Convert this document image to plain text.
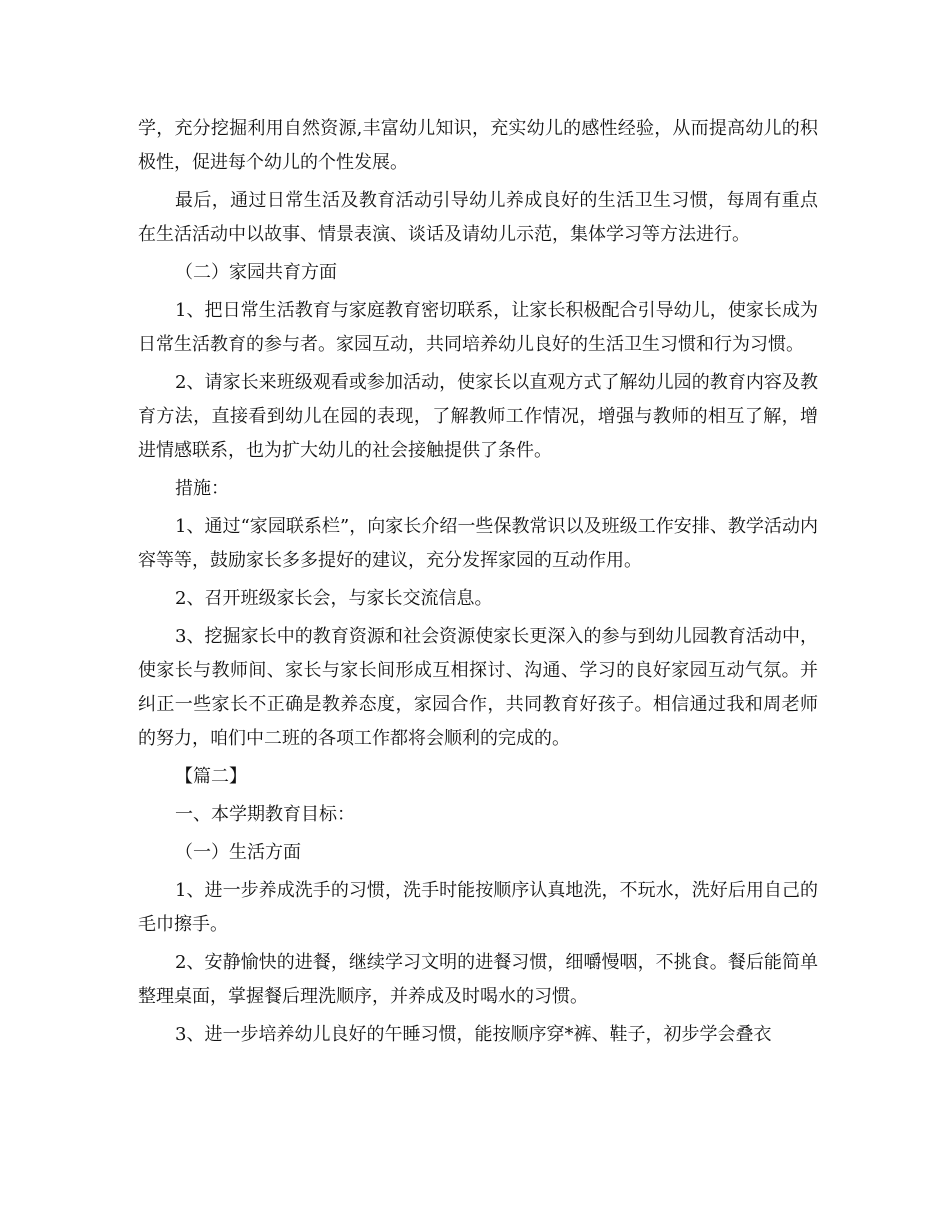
学，充分挖掘利用自然资源,丰富幼儿知识，充实幼儿的感性经验，从而提高幼儿的积极性，促进每个幼儿的个性发展。

最后，通过日常生活及教育活动引导幼儿养成良好的生活卫生习惯，每周有重点在生活活动中以故事、情景表演、谈话及请幼儿示范，集体学习等方法进行。

（二）家园共育方面

1、把日常生活教育与家庭教育密切联系，让家长积极配合引导幼儿，使家长成为日常生活教育的参与者。家园互动，共同培养幼儿良好的生活卫生习惯和行为习惯。

2、请家长来班级观看或参加活动，使家长以直观方式了解幼儿园的教育内容及教育方法，直接看到幼儿在园的表现，了解教师工作情况，增强与教师的相互了解，增进情感联系，也为扩大幼儿的社会接触提供了条件。

措施：

1、通过“家园联系栏”，向家长介绍一些保教常识以及班级工作安排、教学活动内容等等，鼓励家长多多提好的建议，充分发挥家园的互动作用。

2、召开班级家长会，与家长交流信息。

3、挖掘家长中的教育资源和社会资源使家长更深入的参与到幼儿园教育活动中，使家长与教师间、家长与家长间形成互相探讨、沟通、学习的良好家园互动气氛。并纠正一些家长不正确是教养态度，家园合作，共同教育好孩子。相信通过我和周老师的努力，咱们中二班的各项工作都将会顺利的完成的。

【篇二】

一、本学期教育目标：

（一）生活方面

1、进一步养成洗手的习惯，洗手时能按顺序认真地洗，不玩水，洗好后用自己的毛巾擦手。

2、安静愉快的进餐，继续学习文明的进餐习惯，细嚼慢咽，不挑食。餐后能简单整理桌面，掌握餐后理洗顺序，并养成及时喝水的习惯。

3、进一步培养幼儿良好的午睡习惯，能按顺序穿*裤、鞋子，初步学会叠衣
